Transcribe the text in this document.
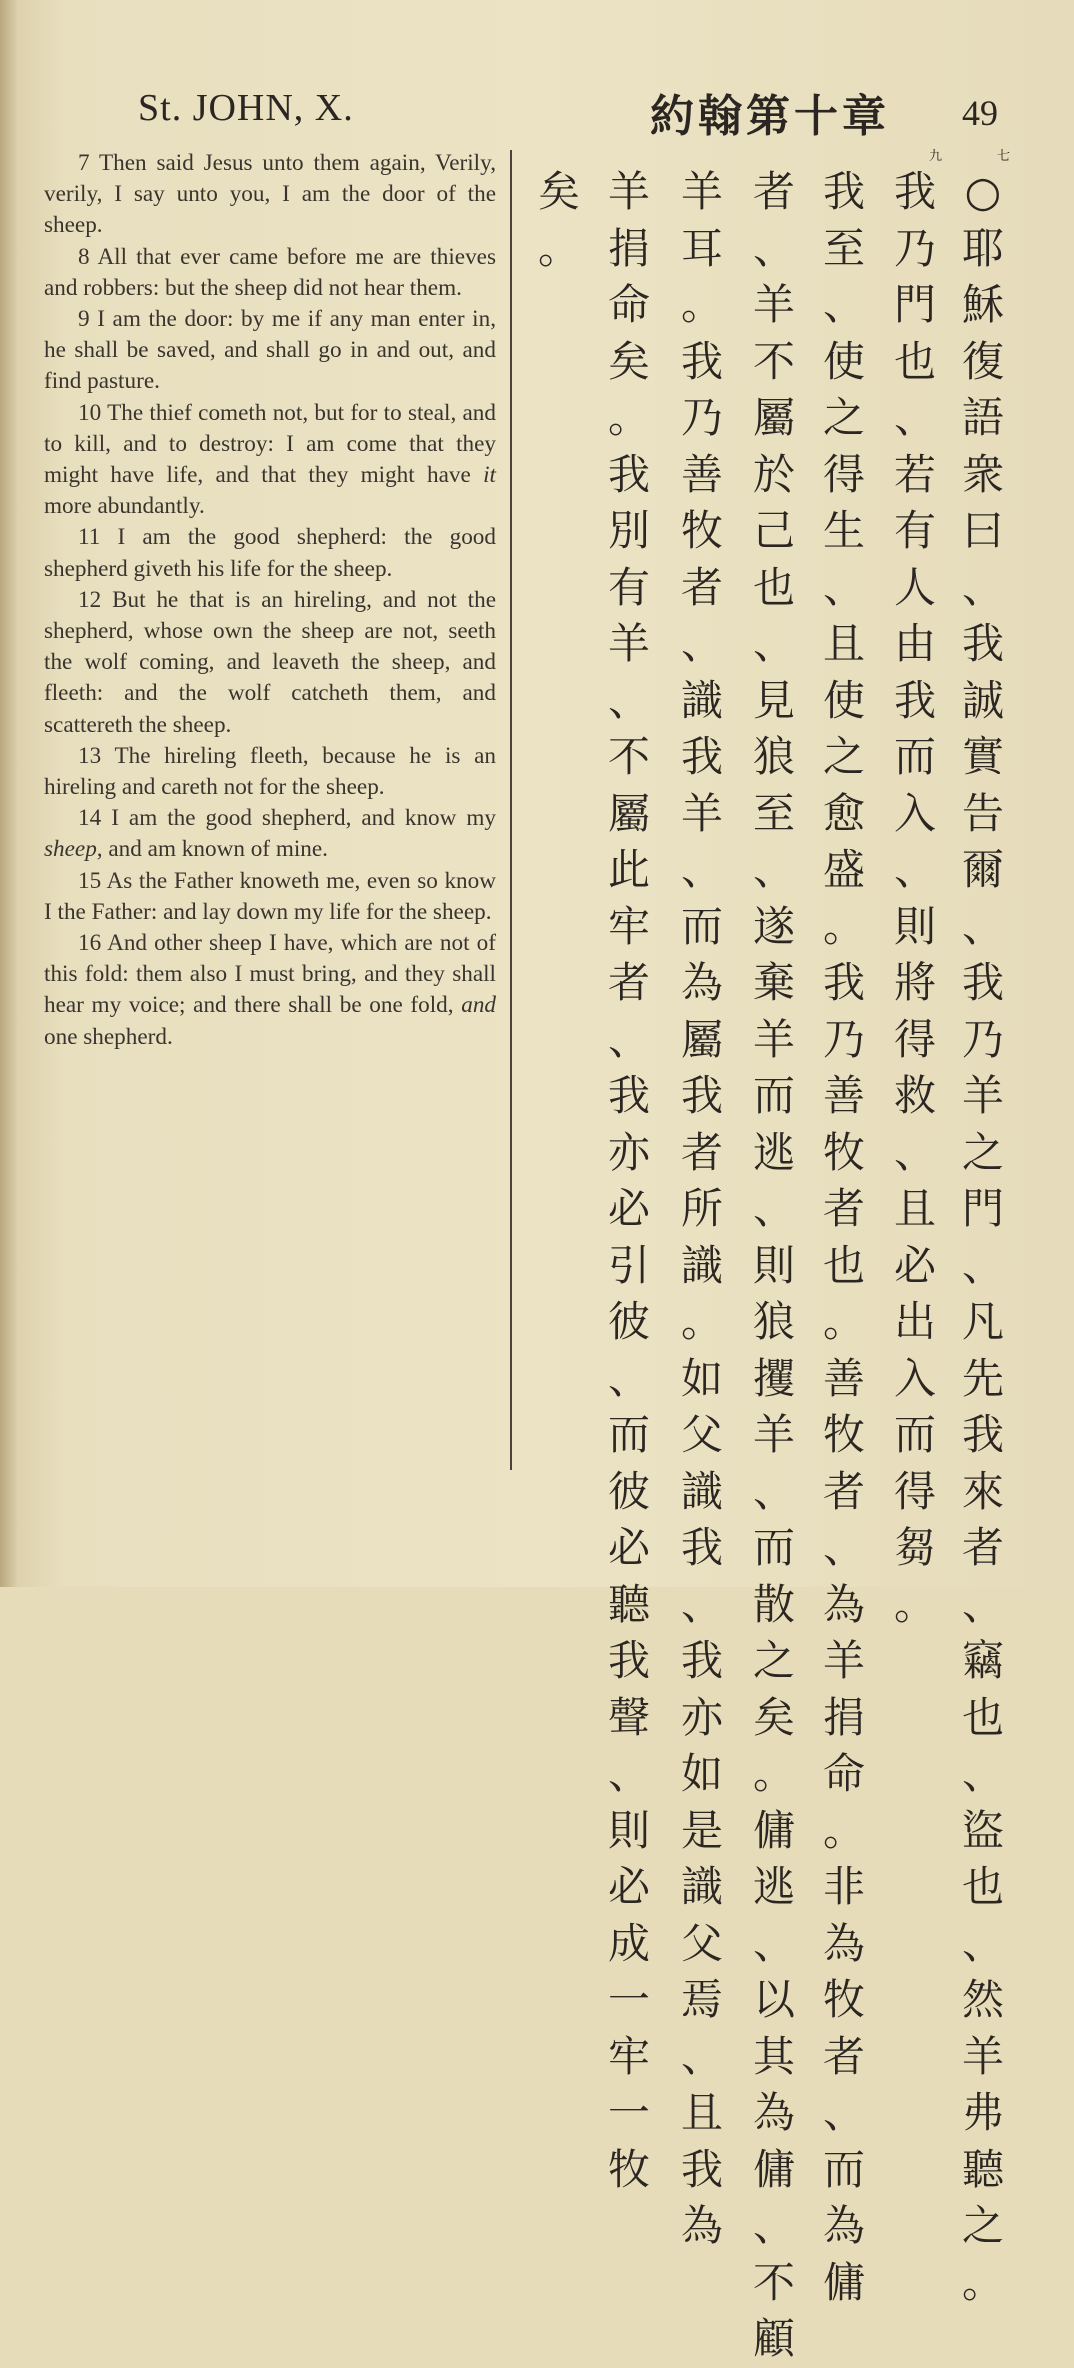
St. JOHN, X.	約翰第十章 49

7 Then said Jesus unto them again, Verily, verily, I say unto you, I am the door of the sheep.

8 All that ever came before me are thieves and robbers: but the sheep did not hear them.

9 I am the door: by me if any man enter in, he shall be saved, and shall go in and out, and find pasture.

10 The thief cometh not, but for to steal, and to kill, and to destroy: I am come that they might have life, and that they might have it more abundantly.

11 I am the good shepherd: the good shepherd giveth his life for the sheep.

12 But he that is an hireling, and not the shepherd, whose own the sheep are not, seeth the wolf coming, and leaveth the sheep, and fleeth: and the wolf catcheth them, and scattereth the sheep.

13 The hireling fleeth, because he is an hireling and careth not for the sheep.

14 I am the good shepherd, and know my sheep, and am known of mine.

15 As the Father knoweth me, even so know I the Father: and lay down my life for the sheep.

16 And other sheep I have, which are not of this fold: them also I must bring, and they shall hear my voice; and there shall be one fold, and one shepherd.

七
○
耶
穌
復
語
衆
曰
、
我
誠
實
告
爾
、
我
乃
羊
之
門
、
凡
先
我
來
者
、
竊
也
、
盜
也
、
然
羊
弗
聽
之
。
九
我
乃
門
也
、
若
有
人
由
我
而
入
、
則
將
得
救
、
且
必
出
入
而
得
芻
。
我
至
、
使
之
得
生
、
且
使
之
愈
盛
。
我
乃
善
牧
者
也
。
善
牧
者
、
為
羊
捐
命
。
非
為
牧
者
、
而
為
傭
者
、
羊
不
屬
於
己
也
、
見
狼
至
、
遂
棄
羊
而
逃
、
則
狼
攫
羊
、
而
散
之
矣
。
傭
逃
、
以
其
為
傭
、
不
顧
羊
耳
。
我
乃
善
牧
者
、
識
我
羊
、
而
為
屬
我
者
所
識
。
如
父
識
我
、
我
亦
如
是
識
父
焉
、
且
我
為
羊
捐
命
矣
。
我
別
有
羊
、
不
屬
此
牢
者
、
我
亦
必
引
彼
、
而
彼
必
聽
我
聲
、
則
必
成
一
牢
一
牧
矣
。
